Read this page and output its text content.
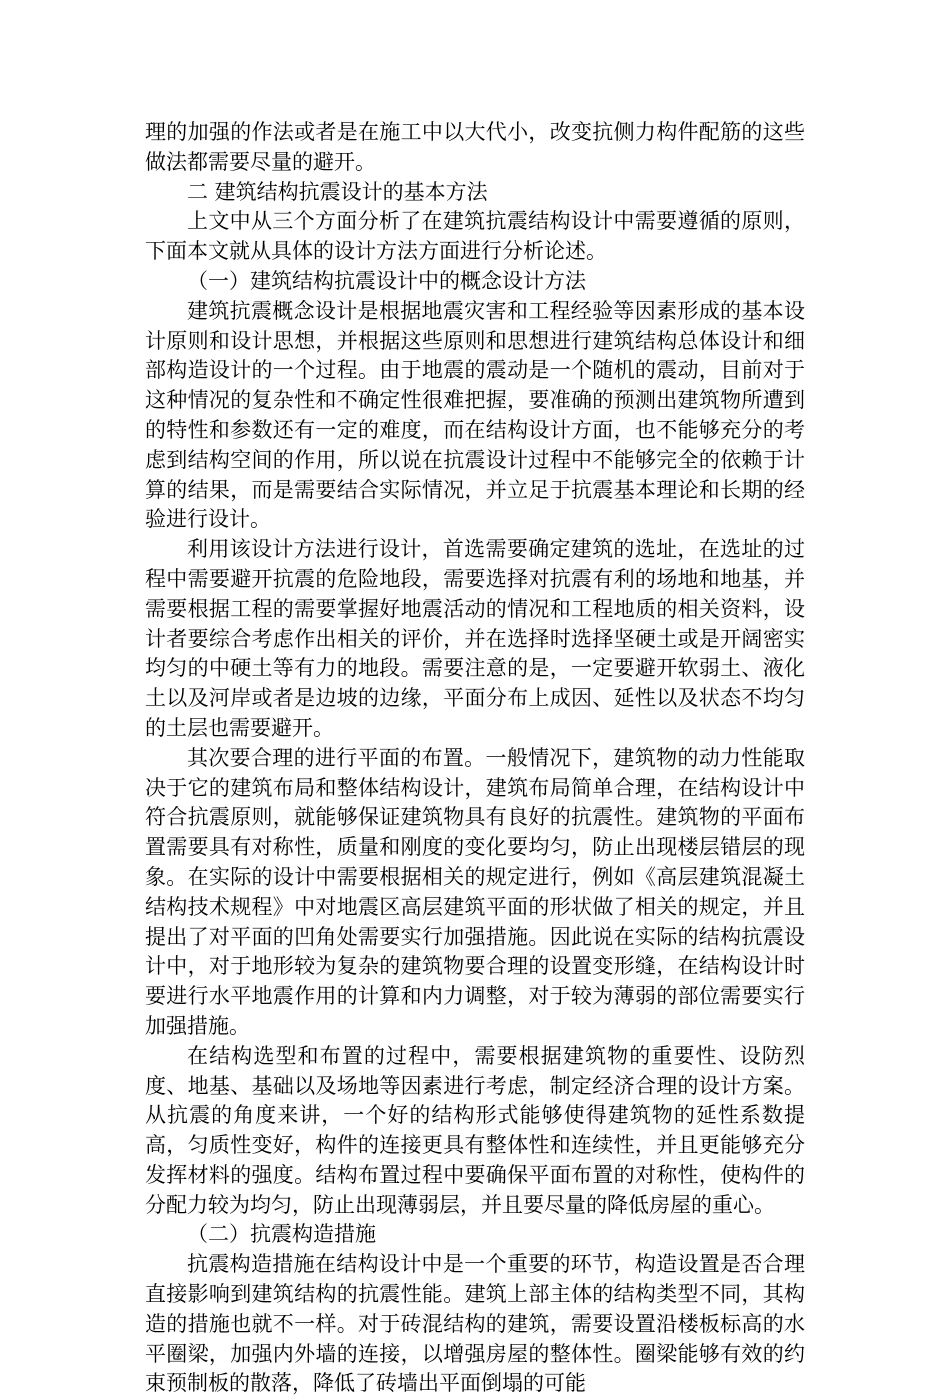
理的加强的作法或者是在施工中以大代小，改变抗侧力构件配筋的这些做法都需要尽量的避开。

二 建筑结构抗震设计的基本方法

上文中从三个方面分析了在建筑抗震结构设计中需要遵循的原则，下面本文就从具体的设计方法方面进行分析论述。

（一）建筑结构抗震设计中的概念设计方法

建筑抗震概念设计是根据地震灾害和工程经验等因素形成的基本设计原则和设计思想，并根据这些原则和思想进行建筑结构总体设计和细部构造设计的一个过程。由于地震的震动是一个随机的震动，目前对于这种情况的复杂性和不确定性很难把握，要准确的预测出建筑物所遭到的特性和参数还有一定的难度，而在结构设计方面，也不能够充分的考虑到结构空间的作用，所以说在抗震设计过程中不能够完全的依赖于计算的结果，而是需要结合实际情况，并立足于抗震基本理论和长期的经验进行设计。

利用该设计方法进行设计，首选需要确定建筑的选址，在选址的过程中需要避开抗震的危险地段，需要选择对抗震有利的场地和地基，并需要根据工程的需要掌握好地震活动的情况和工程地质的相关资料，设计者要综合考虑作出相关的评价，并在选择时选择坚硬土或是开阔密实均匀的中硬土等有力的地段。需要注意的是，一定要避开软弱土、液化土以及河岸或者是边坡的边缘，平面分布上成因、延性以及状态不均匀的土层也需要避开。

其次要合理的进行平面的布置。一般情况下，建筑物的动力性能取决于它的建筑布局和整体结构设计，建筑布局简单合理，在结构设计中符合抗震原则，就能够保证建筑物具有良好的抗震性。建筑物的平面布置需要具有对称性，质量和刚度的变化要均匀，防止出现楼层错层的现象。在实际的设计中需要根据相关的规定进行，例如《高层建筑混凝土结构技术规程》中对地震区高层建筑平面的形状做了相关的规定，并且提出了对平面的凹角处需要实行加强措施。因此说在实际的结构抗震设计中，对于地形较为复杂的建筑物要合理的设置变形缝，在结构设计时要进行水平地震作用的计算和内力调整，对于较为薄弱的部位需要实行加强措施。

在结构选型和布置的过程中，需要根据建筑物的重要性、设防烈度、地基、基础以及场地等因素进行考虑，制定经济合理的设计方案。从抗震的角度来讲，一个好的结构形式能够使得建筑物的延性系数提高，匀质性变好，构件的连接更具有整体性和连续性，并且更能够充分发挥材料的强度。结构布置过程中要确保平面布置的对称性，使构件的分配力较为均匀，防止出现薄弱层，并且要尽量的降低房屋的重心。

（二）抗震构造措施

抗震构造措施在结构设计中是一个重要的环节，构造设置是否合理直接影响到建筑结构的抗震性能。建筑上部主体的结构类型不同，其构造的措施也就不一样。对于砖混结构的建筑，需要设置沿楼板标高的水平圈梁，加强内外墙的连接，以增强房屋的整体性。圈梁能够有效的约束预制板的散落，降低了砖墙出平面倒塌的可能
